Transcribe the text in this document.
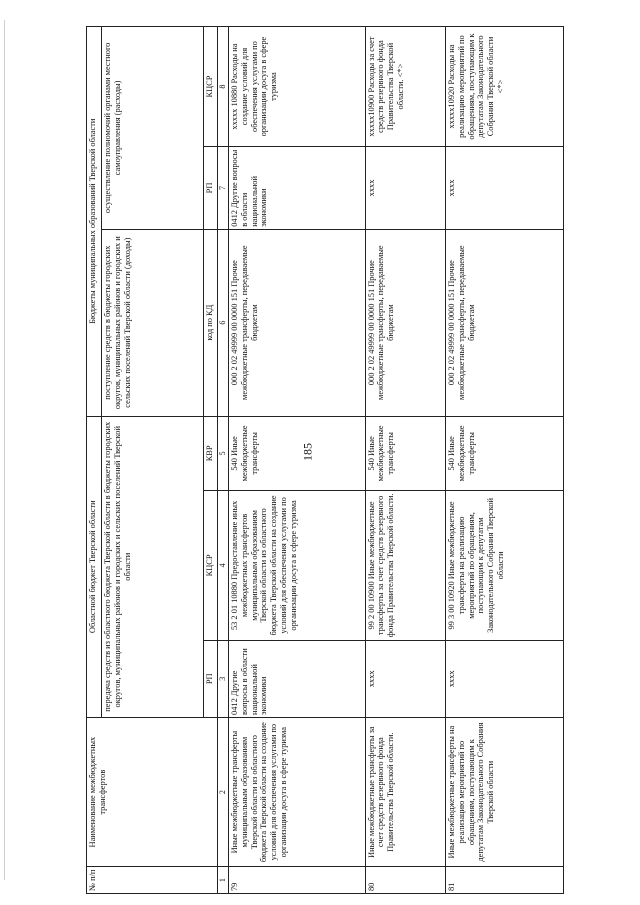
185
№ п/п	Наименование межбюджетных трансфертов	Областной бюджет Тверской области			Бюджеты муниципальных образований Тверской области		
		передача средств из областного бюджета Тверской области в бюджеты городских округов, муниципальных районов и городских и сельских поселений Тверской области			поступление средств в бюджеты городских округов, муниципальных районов и городских и сельских поселений Тверской области (доходы)	осуществление полномочий органами местного самоуправления (расходы)	

		РП	КЦСР	КВР	код по КД	РП	КЦСР
1	2	3	4	5	6	7	8
79	Иные межбюджетные трансферты муниципальным образованиям Тверской области из областного бюджета Тверской области на создание условий для обеспечения услугами по организации досуга в сфере туризма	0412 Другие вопросы в области национальной экономики	53 2 01 10880 Предоставление иных межбюджетных трансфертов муниципальным образованиям Тверской области из областного бюджета Тверской области на создание условий для обеспечения услугами по организации досуга в сфере туризма	540 Иные межбюджетные трансферты	000 2 02 49999 00 0000 151 Прочие межбюджетные трансферты, передаваемые бюджетам	0412 Другие вопросы в области национальной экономики	xxxxx 10880 Расходы на создание условий для обеспечения услугами по организации досуга в сфере туризма
80	Иные межбюджетные трансферты за счет средств резервного фонда Правительства Тверской области.	хххх	99 2 00 10900 Иные межбюджетные трансферты за счет средств резервного фонда Правительства Тверской области.	540 Иные межбюджетные трансферты	000 2 02 49999 00 0000 151 Прочие межбюджетные трансферты, передаваемые бюджетам	хххх	xxxxx10900 Расходы за счет средств резервного фонда Правительства Тверской области. <*>
81	Иные межбюджетные трансферты на реализацию мероприятий по обращениям, поступающим к депутатам Законодательного Собрания Тверской области	хххх	99 3 00 10920 Иные межбюджетные трансферты на реализацию мероприятий по обращениям, поступающим к депутатам Законодательного Собрания Тверской области	540 Иные межбюджетные трансферты	000 2 02 49999 00 0000 151 Прочие межбюджетные трансферты, передаваемые бюджетам	хххх	xxxxx10920 Расходы на реализацию мероприятий по обращениям, поступающим к депутатам Законодательного Собрания Тверской области <*>
